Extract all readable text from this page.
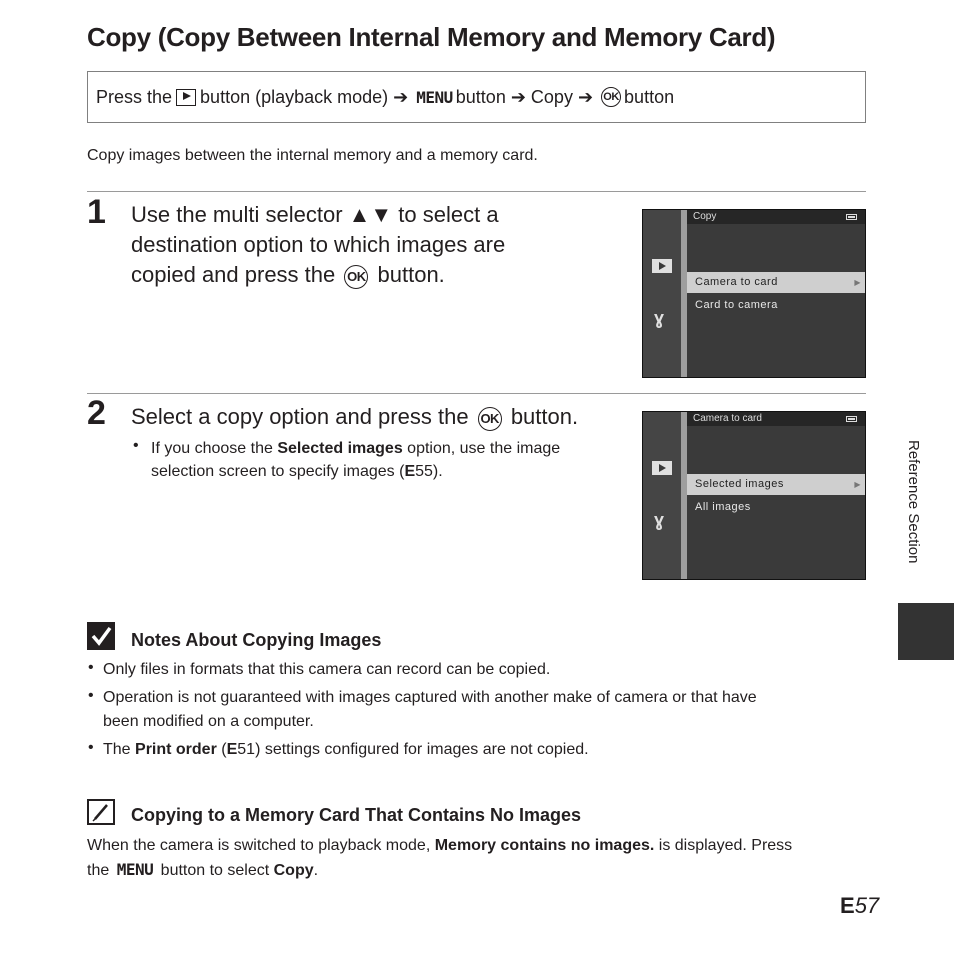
Copy (Copy Between Internal Memory and Memory Card)
Press the button (playback mode) ➔ MENU button ➔ Copy ➔ OK button
Copy images between the internal memory and a memory card.
1 Use the multi selector ▲▼ to select a
destination option to which images are
copied and press the OK button.
ɣ
Copy
Camera to card	▶
Card to camera
2 Select a copy option and press the OK button.
• If you choose the Selected images option, use the image
selection screen to specify images (E55).
ɣ
Camera to card
Selected images	▶
All images	Reference Section
Notes About Copying Images
• Only files in formats that this camera can record can be copied.
• Operation is not guaranteed with images captured with another make of camera or that have
been modified on a computer.
• The Print order (E51) settings configured for images are not copied.
Copying to a Memory Card That Contains No Images
When the camera is switched to playback mode, Memory contains no images. is displayed. Press
the MENU button to select Copy.
E57
